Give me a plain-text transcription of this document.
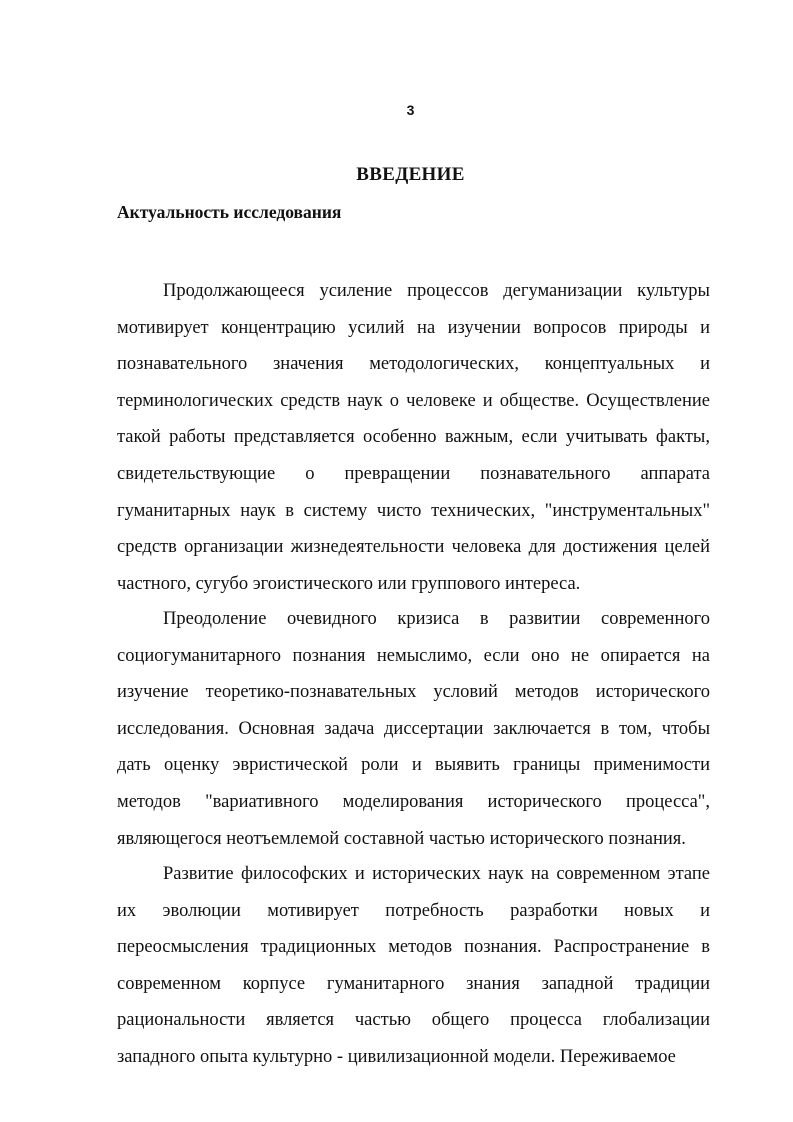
3
ВВЕДЕНИЕ
Актуальность исследования

Продолжающееся усиление процессов дегуманизации культуры мотивирует концентрацию усилий на изучении вопросов природы и познавательного значения методологических, концептуальных и терминологических средств наук о человеке и обществе. Осуществление такой работы представляется особенно важным, если учитывать факты, свидетельствующие о превращении познавательного аппарата гуманитарных наук в систему чисто технических, "инструментальных" средств организации жизнедеятельности человека для достижения целей частного, сугубо эгоистического или группового интереса.

Преодоление очевидного кризиса в развитии современного социогуманитарного познания немыслимо, если оно не опирается на изучение теоретико-познавательных условий методов исторического исследования. Основная задача диссертации заключается в том, чтобы дать оценку эвристической роли и выявить границы применимости методов "вариативного моделирования исторического процесса", являющегося неотъемлемой составной частью исторического познания.

Развитие философских и исторических наук на современном этапе их эволюции мотивирует потребность разработки новых и переосмысления традиционных методов познания. Распространение в современном корпусе гуманитарного знания западной традиции рациональности является частью общего процесса глобализации западного опыта культурно - цивилизационной модели. Переживаемое
